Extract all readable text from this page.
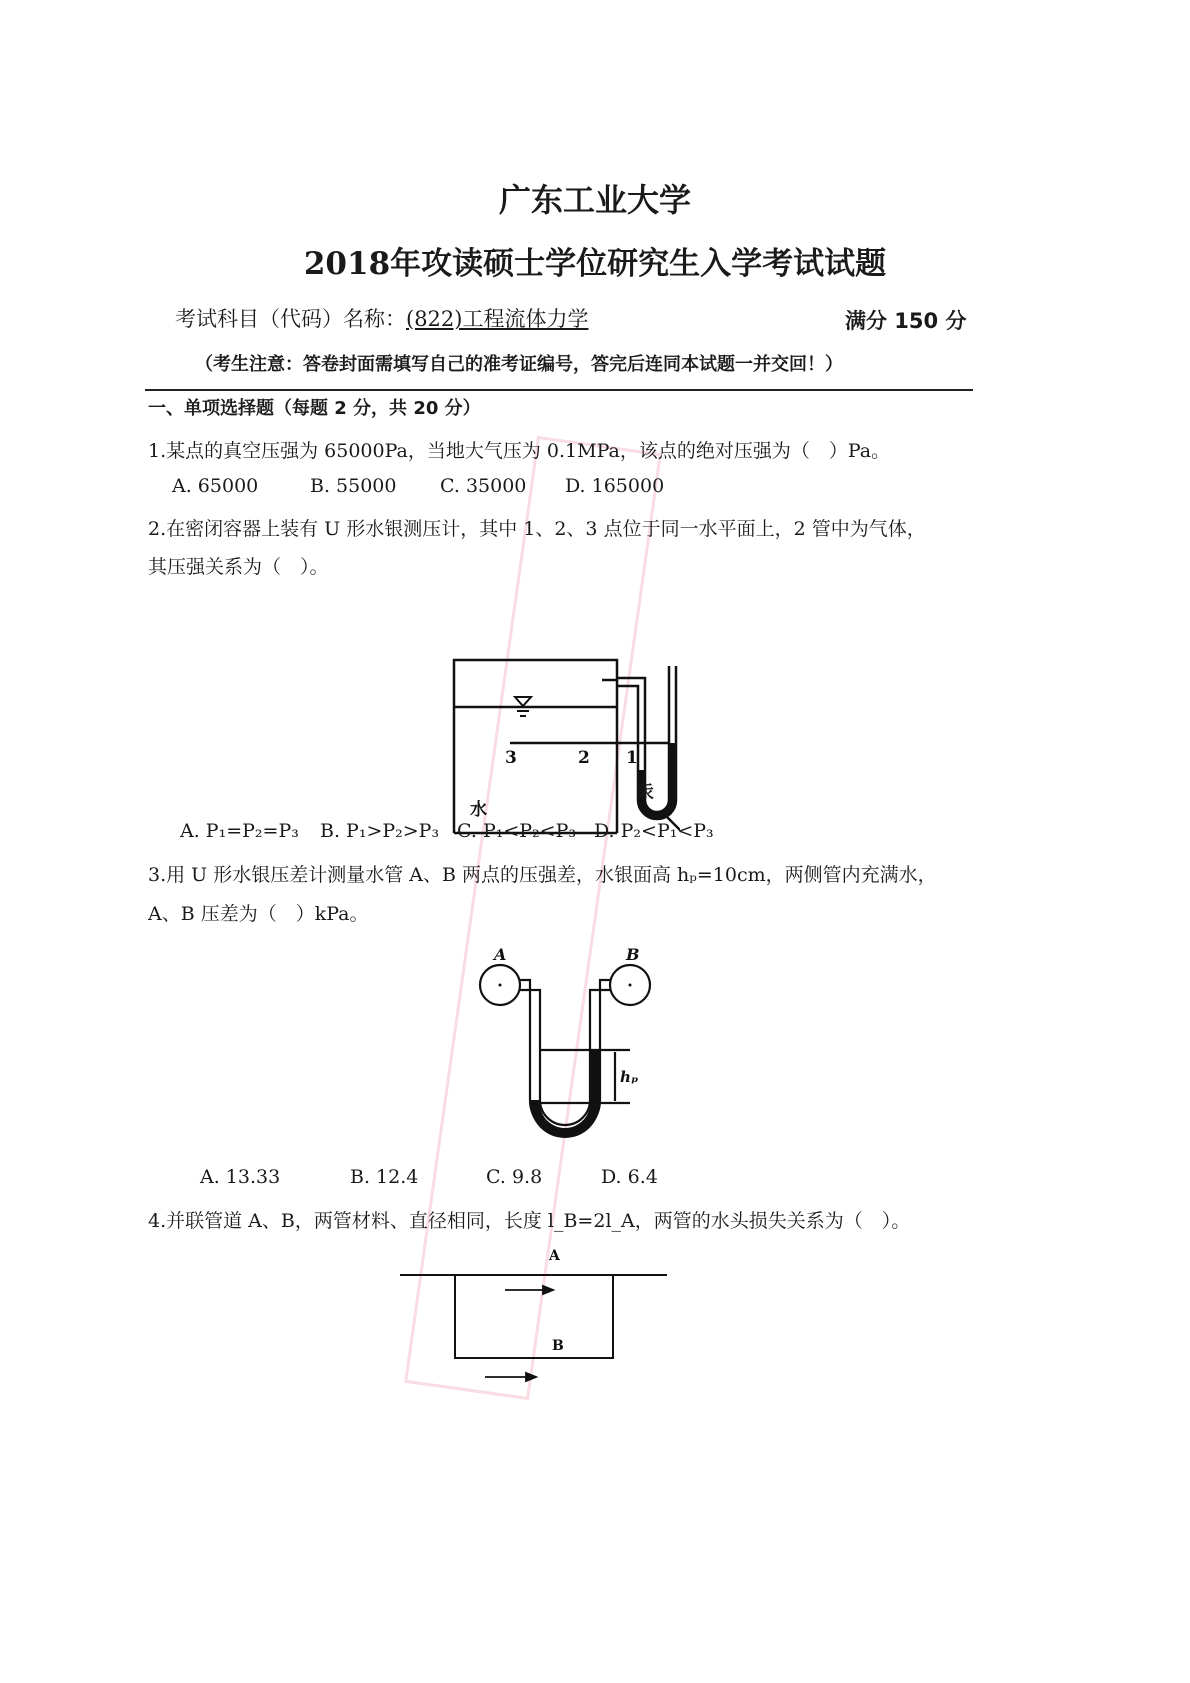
广东工业大学
2018年攻读硕士学位研究生入学考试试题
考试科目（代码）名称：(822)工程流体力学	满分 150 分
（考生注意：答卷封面需填写自己的准考证编号，答完后连同本试题一并交回！）
一、单项选择题（每题 2 分，共 20 分）
1.某点的真空压强为 65000Pa，当地大气压为 0.1MPa，该点的绝对压强为（　）Pa。
A. 65000	B. 55000 C. 35000 D. 165000
2.在密闭容器上装有 U 形水银测压计，其中 1、2、3 点位于同一水平面上，2 管中为气体，
其压强关系为（　）。
3	2 1
水
汞
A. P₁=P₂=P₃ B. P₁>P₂>P₃ C. P₁<P₂<P₃ D. P₂<P₁<P₃
3.用 U 形水银压差计测量水管 A、B 两点的压强差，水银面高 hₚ=10cm，两侧管内充满水，
A、B 压差为（　）kPa。
A	B
hₚ
A. 13.33	B. 12.4	C. 9.8	D. 6.4
4.并联管道 A、B，两管材料、直径相同，长度 l_B=2l_A，两管的水头损失关系为（　）。
A
B
